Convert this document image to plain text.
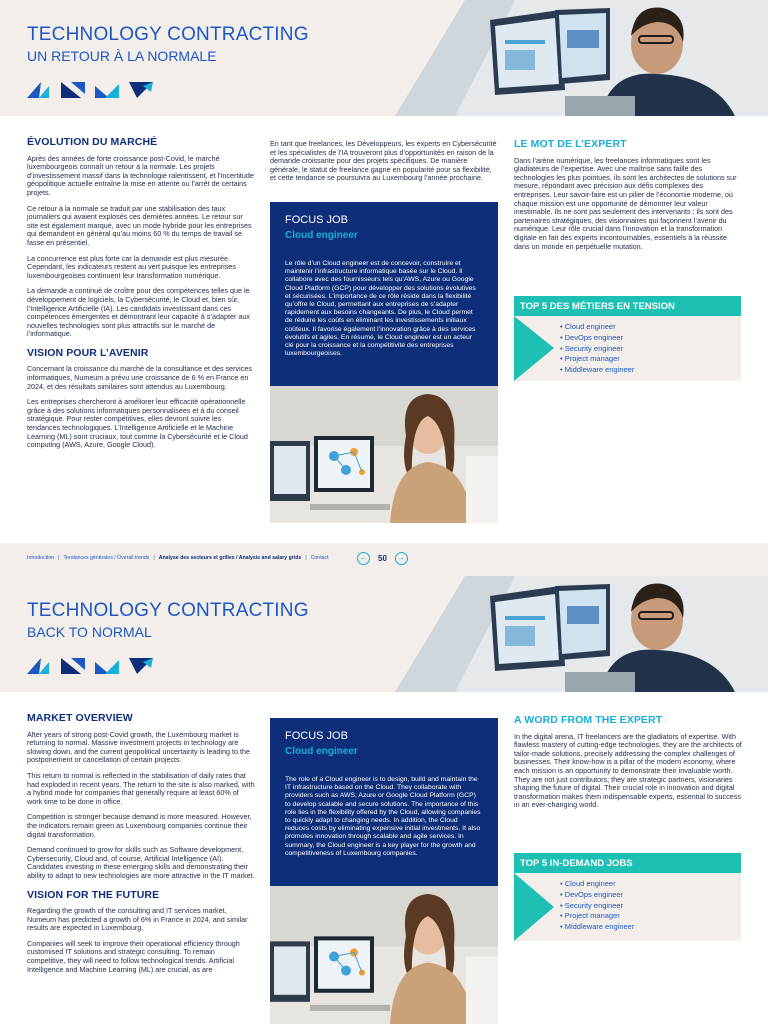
TECHNOLOGY CONTRACTING
UN RETOUR À LA NORMALE
ÉVOLUTION DU MARCHÉ

Après des années de forte croissance post-Covid, le marché luxembourgeois connaît un retour à la normale. Les projets d’investissement massif dans la technologie ralentissent, et l’incertitude géopolitique actuelle entraîne la mise en attente ou l’arrêt de certains projets.

Ce retour à la normale se traduit par une stabilisation des taux journaliers qui avaient explosés ces dernières années. Le retour sur site est également marqué, avec un mode hybride pour les entreprises qui demandent en général qu’au moins 60 % du temps de travail se fasse en présentiel.

La concurrence est plus forte car la demande est plus mesurée. Cependant, les indicateurs restent au vert puisque les entreprises luxembourgeoises continuent leur transformation numérique.

La demande a continué de croître pour des compétences telles que le développement de logiciels, la Cybersécurité, le Cloud et, bien sûr, l’Intelligence Artificielle (IA). Les candidats investissant dans ces compétences émergentes et démontrant leur capacité à s’adapter aux nouvelles technologies sont plus attractifs sur le marché de l’informatique.

VISION POUR L’AVENIR

Concernant la croissance du marché de la consultance et des services informatiques, Numeum a prévu une croissance de 6 % en France en 2024, et des résultats similaires sont attendus au Luxembourg.

Les entreprises chercheront à améliorer leur efficacité opérationnelle grâce à des solutions informatiques personnalisées et à du conseil stratégique. Pour rester compétitives, elles devront suivre les tendances technologiques. L’Intelligence Artificielle et le Machine Learning (ML) sont cruciaux, tout comme la Cybersécurité et le Cloud computing (AWS, Azure, Google Cloud).

En tant que freelances, les Développeurs, les experts en Cybersécurité et les spécialistes de l’IA trouveront plus d’opportunités en raison de la demande croissante pour des projets spécifiques. De manière générale, le statut de freelance gagne en popularité pour sa flexibilité, et cette tendance se poursuivra au Luxembourg l’année prochaine.

FOCUS JOB
Cloud engineer
Le rôle d’un Cloud engineer est de concevoir, construire et maintenir l’infrastructure informatique basée sur le Cloud. Il collabore avec des fournisseurs tels qu’AWS, Azure ou Google Cloud Platform (GCP) pour développer des solutions évolutives et sécurisées. L’importance de ce rôle réside dans la flexibilité qu’offre le Cloud, permettant aux entreprises de s’adapter rapidement aux besoins changeants. De plus, le Cloud permet de réduire les coûts en éliminant les investissements initiaux coûteux. Il favorise également l’innovation grâce à des services évolutifs et agiles. En résumé, le Cloud engineer est un acteur clé pour la croissance et la compétitivité des entreprises luxembourgeoises.
LE MOT DE L’EXPERT

Dans l’arène numérique, les freelances informatiques sont les gladiateurs de l’expertise. Avec une maîtrise sans faille des technologies les plus pointues, ils sont les architectes de solutions sur mesure, répondant avec précision aux défis complexes des entreprises. Leur savoir-faire est un pilier de l’économie moderne, où chaque mission est une opportunité de démontrer leur valeur inestimable. Ils ne sont pas seulement des intervenants ; ils sont des partenaires stratégiques, des visionnaires qui façonnent l’avenir du numérique. Leur rôle crucial dans l’innovation et la transformation digitale en fait des experts incontournables, essentiels à la réussite dans un monde en perpétuelle mutation.

TOP 5 DES MÉTIERS EN TENSION
• Cloud engineer
• DevOps engineer
• Security engineer
• Project manager
• Middleware engineer
Introduction | Tendances générales / Overall trends | Analyse des secteurs et grilles / Analysis and salary grids | Contact	←	50	→
TECHNOLOGY CONTRACTING
BACK TO NORMAL
MARKET OVERVIEW

After years of strong post-Covid growth, the Luxembourg market is returning to normal. Massive investment projects in technology are slowing down, and the current geopolitical uncertainty is leading to the postponement or cancellation of certain projects.

This return to normal is reflected in the stabilisation of daily rates that had exploded in recent years. The return to the site is also marked, with a hybrid mode for companies that generally require at least 60% of work time to be done in office.

Competition is stronger because demand is more measured. However, the indicators remain green as Luxembourg companies continue their digital transformation.

Demand continued to grow for skills such as Software development, Cybersecurity, Cloud and, of course, Artificial Intelligence (AI). Candidates investing in these emerging skills and demonstrating their ability to adapt to new technologies are more attractive in the IT market.

VISION FOR THE FUTURE

Regarding the growth of the consulting and IT services market, Numeum has predicted a growth of 6% in France in 2024, and similar results are expected in Luxembourg.

Companies will seek to improve their operational efficiency through customised IT solutions and strategic consulting. To remain competitive, they will need to follow technological trends. Artificial Intelligence and Machine Learning (ML) are crucial, as are

FOCUS JOB
Cloud engineer
The role of a Cloud engineer is to design, build and maintain the IT infrastructure based on the Cloud. They collaborate with providers such as AWS, Azure or Google Cloud Platform (GCP) to develop scalable and secure solutions. The importance of this role lies in the flexibility offered by the Cloud, allowing companies to quickly adapt to changing needs. In addition, the Cloud reduces costs by eliminating expensive initial investments. It also promotes innovation through scalable and agile services. In summary, the Cloud engineer is a key player for the growth and competitiveness of Luxembourg companies.
A WORD FROM THE EXPERT

In the digital arena, IT freelancers are the gladiators of expertise. With flawless mastery of cutting-edge technologies, they are the architects of tailor-made solutions, precisely addressing the complex challenges of businesses. Their know-how is a pillar of the modern economy, where each mission is an opportunity to demonstrate their invaluable worth. They are not just contributors; they are strategic partners, visionaries shaping the future of digital. Their crucial role in innovation and digital transformation makes them indispensable experts, essential to success in an ever-changing world.

TOP 5 IN-DEMAND JOBS
• Cloud engineer
• DevOps engineer
• Security engineer
• Project manager
• Middleware engineer
